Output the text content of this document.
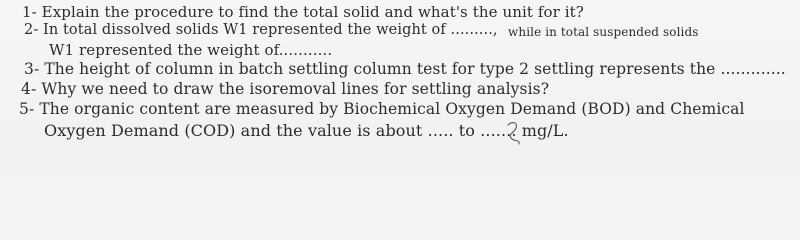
1- Explain the procedure to find the total solid and what's the unit for it?
2- In total dissolved solids W1 represented the weight of ........., while in total suspended solids
W1 represented the weight of...........
3- The height of column in batch settling column test for type 2 settling represents the .............
4- Why we need to draw the isoremoval lines for settling analysis?
5- The organic content are measured by Biochemical Oxygen Demand (BOD) and Chemical
Oxygen Demand (COD) and the value is about ..... to ....... mg/L.
